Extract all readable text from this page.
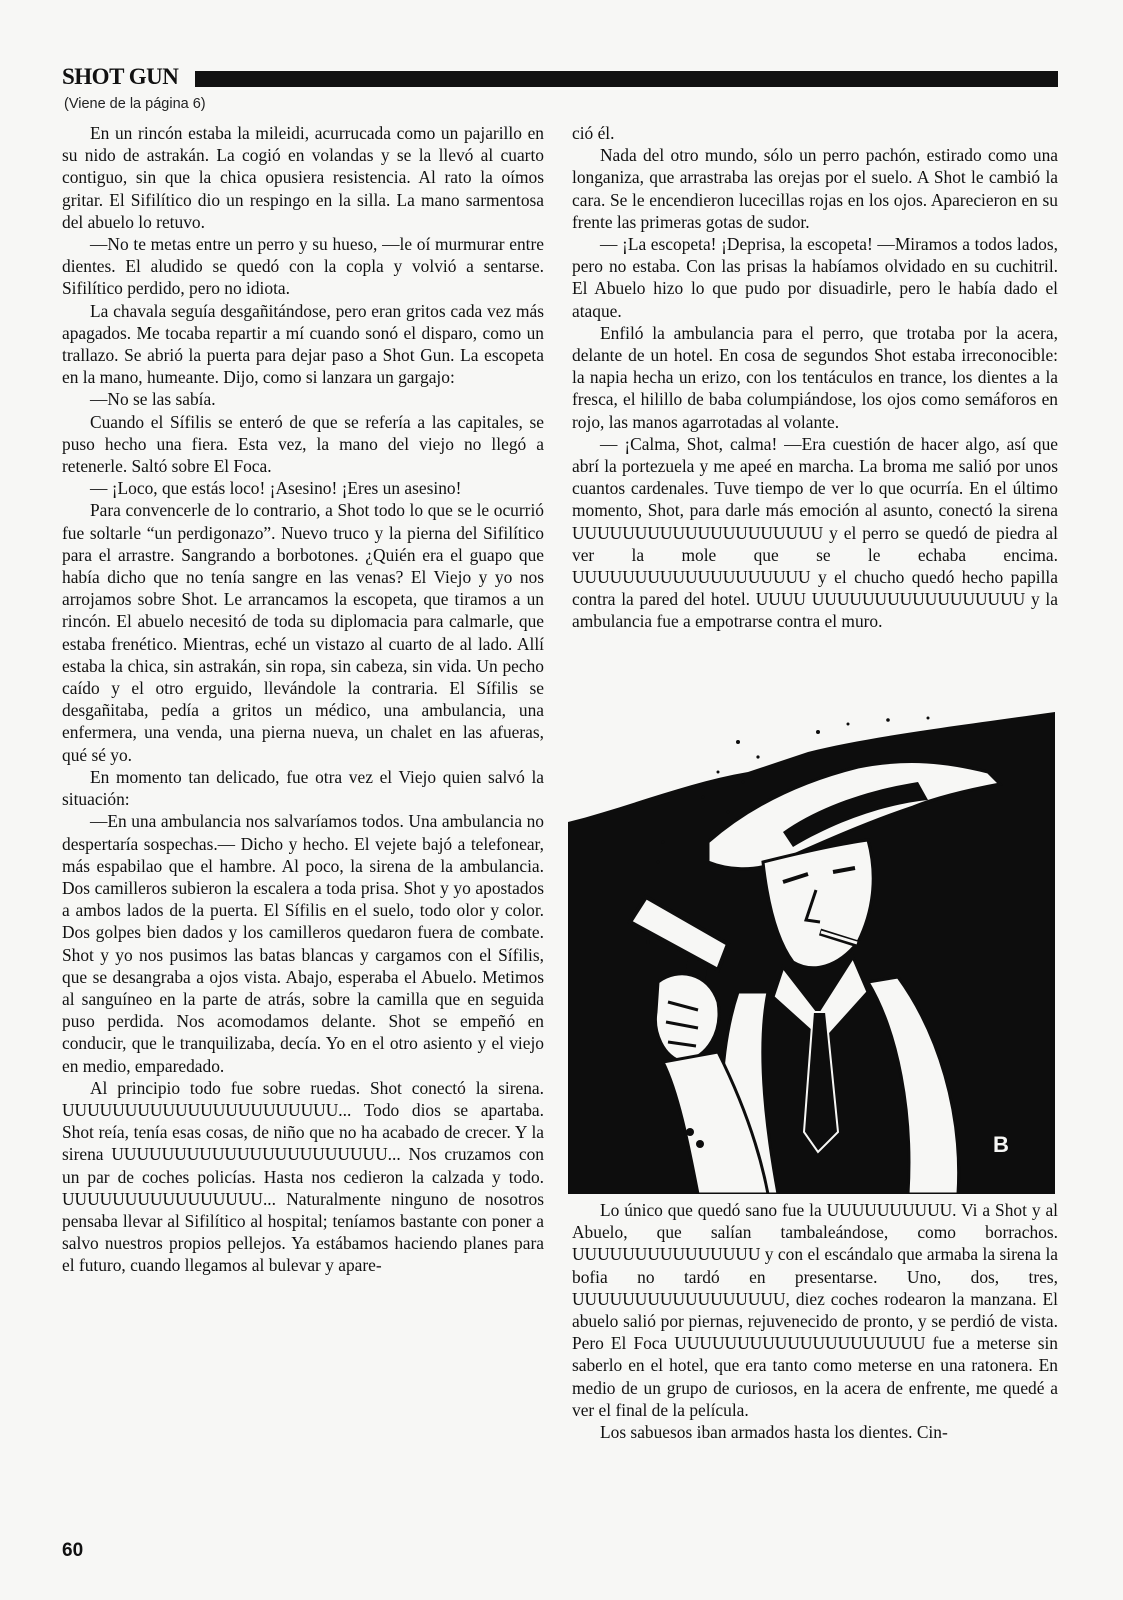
SHOT GUN
(Viene de la página 6)

En un rincón estaba la mileidi, acurrucada como un pajarillo en su nido de astrakán. La cogió en volandas y se la llevó al cuarto contiguo, sin que la chica opusiera resistencia. Al rato la oímos gritar. El Sifilítico dio un respingo en la silla. La mano sarmentosa del abuelo lo retuvo.

—No te metas entre un perro y su hueso, —le oí murmurar entre dientes. El aludido se quedó con la copla y volvió a sentarse. Sifilítico perdido, pero no idiota.

La chavala seguía desgañitándose, pero eran gritos cada vez más apagados. Me tocaba repartir a mí cuando sonó el disparo, como un trallazo. Se abrió la puerta para dejar paso a Shot Gun. La escopeta en la mano, humeante. Dijo, como si lanzara un gargajo:

—No se las sabía.

Cuando el Sífilis se enteró de que se refería a las capitales, se puso hecho una fiera. Esta vez, la mano del viejo no llegó a retenerle. Saltó sobre El Foca.

— ¡Loco, que estás loco! ¡Asesino! ¡Eres un asesino!

Para convencerle de lo contrario, a Shot todo lo que se le ocurrió fue soltarle “un perdigonazo”. Nuevo truco y la pierna del Sifilítico para el arrastre. Sangrando a borbotones. ¿Quién era el guapo que había dicho que no tenía sangre en las venas? El Viejo y yo nos arrojamos sobre Shot. Le arrancamos la escopeta, que tiramos a un rincón. El abuelo necesitó de toda su diplomacia para calmarle, que estaba frenético. Mientras, eché un vistazo al cuarto de al lado. Allí estaba la chica, sin astrakán, sin ropa, sin cabeza, sin vida. Un pecho caído y el otro erguido, llevándole la contraria. El Sífilis se desgañitaba, pedía a gritos un médico, una ambulancia, una enfermera, una venda, una pierna nueva, un chalet en las afueras, qué sé yo.

En momento tan delicado, fue otra vez el Viejo quien salvó la situación:

—En una ambulancia nos salvaríamos todos. Una ambulancia no despertaría sospechas.— Dicho y hecho. El vejete bajó a telefonear, más espabilao que el hambre. Al poco, la sirena de la ambulancia. Dos camilleros subieron la escalera a toda prisa. Shot y yo apostados a ambos lados de la puerta. El Sífilis en el suelo, todo olor y color. Dos golpes bien dados y los camilleros quedaron fuera de combate. Shot y yo nos pusimos las batas blancas y cargamos con el Sífilis, que se desangraba a ojos vista. Abajo, esperaba el Abuelo. Metimos al sanguíneo en la parte de atrás, sobre la camilla que en seguida puso perdida. Nos acomodamos delante. Shot se empeñó en conducir, que le tranquilizaba, decía. Yo en el otro asiento y el viejo en medio, emparedado.

Al principio todo fue sobre ruedas. Shot conectó la sirena. UUUUUUUUUUUUUUUUUUUUUU... Todo dios se apartaba. Shot reía, tenía esas cosas, de niño que no ha acabado de crecer. Y la sirena UUUUUUUUUUUUUUUUUUUUUU... Nos cruzamos con un par de coches policías. Hasta nos cedieron la calzada y todo. UUUUUUUUUUUUUUUU... Naturalmente ninguno de nosotros pensaba llevar al Sifilítico al hospital; teníamos bastante con poner a salvo nuestros propios pellejos. Ya estábamos haciendo planes para el futuro, cuando llegamos al bulevar y apare-

ció él.

Nada del otro mundo, sólo un perro pachón, estirado como una longaniza, que arrastraba las orejas por el suelo. A Shot le cambió la cara. Se le encendieron lucecillas rojas en los ojos. Aparecieron en su frente las primeras gotas de sudor.

— ¡La escopeta! ¡Deprisa, la escopeta! —Miramos a todos lados, pero no estaba. Con las prisas la habíamos olvidado en su cuchitril. El Abuelo hizo lo que pudo por disuadirle, pero le había dado el ataque.

Enfiló la ambulancia para el perro, que trotaba por la acera, delante de un hotel. En cosa de segundos Shot estaba irreconocible: la napia hecha un erizo, con los tentáculos en trance, los dientes a la fresca, el hilillo de baba columpiándose, los ojos como semáforos en rojo, las manos agarrotadas al volante.

— ¡Calma, Shot, calma! —Era cuestión de hacer algo, así que abrí la portezuela y me apeé en marcha. La broma me salió por unos cuantos cardenales. Tuve tiempo de ver lo que ocurría. En el último momento, Shot, para darle más emoción al asunto, conectó la sirena UUUUUUUUUUUUUUUUUUUU y el perro se quedó de piedra al ver la mole que se le echaba encima. UUUUUUUUUUUUUUUUUUU y el chucho quedó hecho papilla contra la pared del hotel. UUUU UUUUUUUUUUUUUUUUU y la ambulancia fue a empotrarse contra el muro.

B

Lo único que quedó sano fue la UUUUUUUUUU. Vi a Shot y al Abuelo, que salían tambaleándose, como borrachos. UUUUUUUUUUUUUUU y con el escándalo que armaba la sirena la bofia no tardó en presentarse. Uno, dos, tres, UUUUUUUUUUUUUUUUU, diez coches rodearon la manzana. El abuelo salió por piernas, rejuvenecido de pronto, y se perdió de vista. Pero El Foca UUUUUUUUUUUUUUUUUUUU fue a meterse sin saberlo en el hotel, que era tanto como meterse en una ratonera. En medio de un grupo de curiosos, en la acera de enfrente, me quedé a ver el final de la película.

Los sabuesos iban armados hasta los dientes. Cin-

60
